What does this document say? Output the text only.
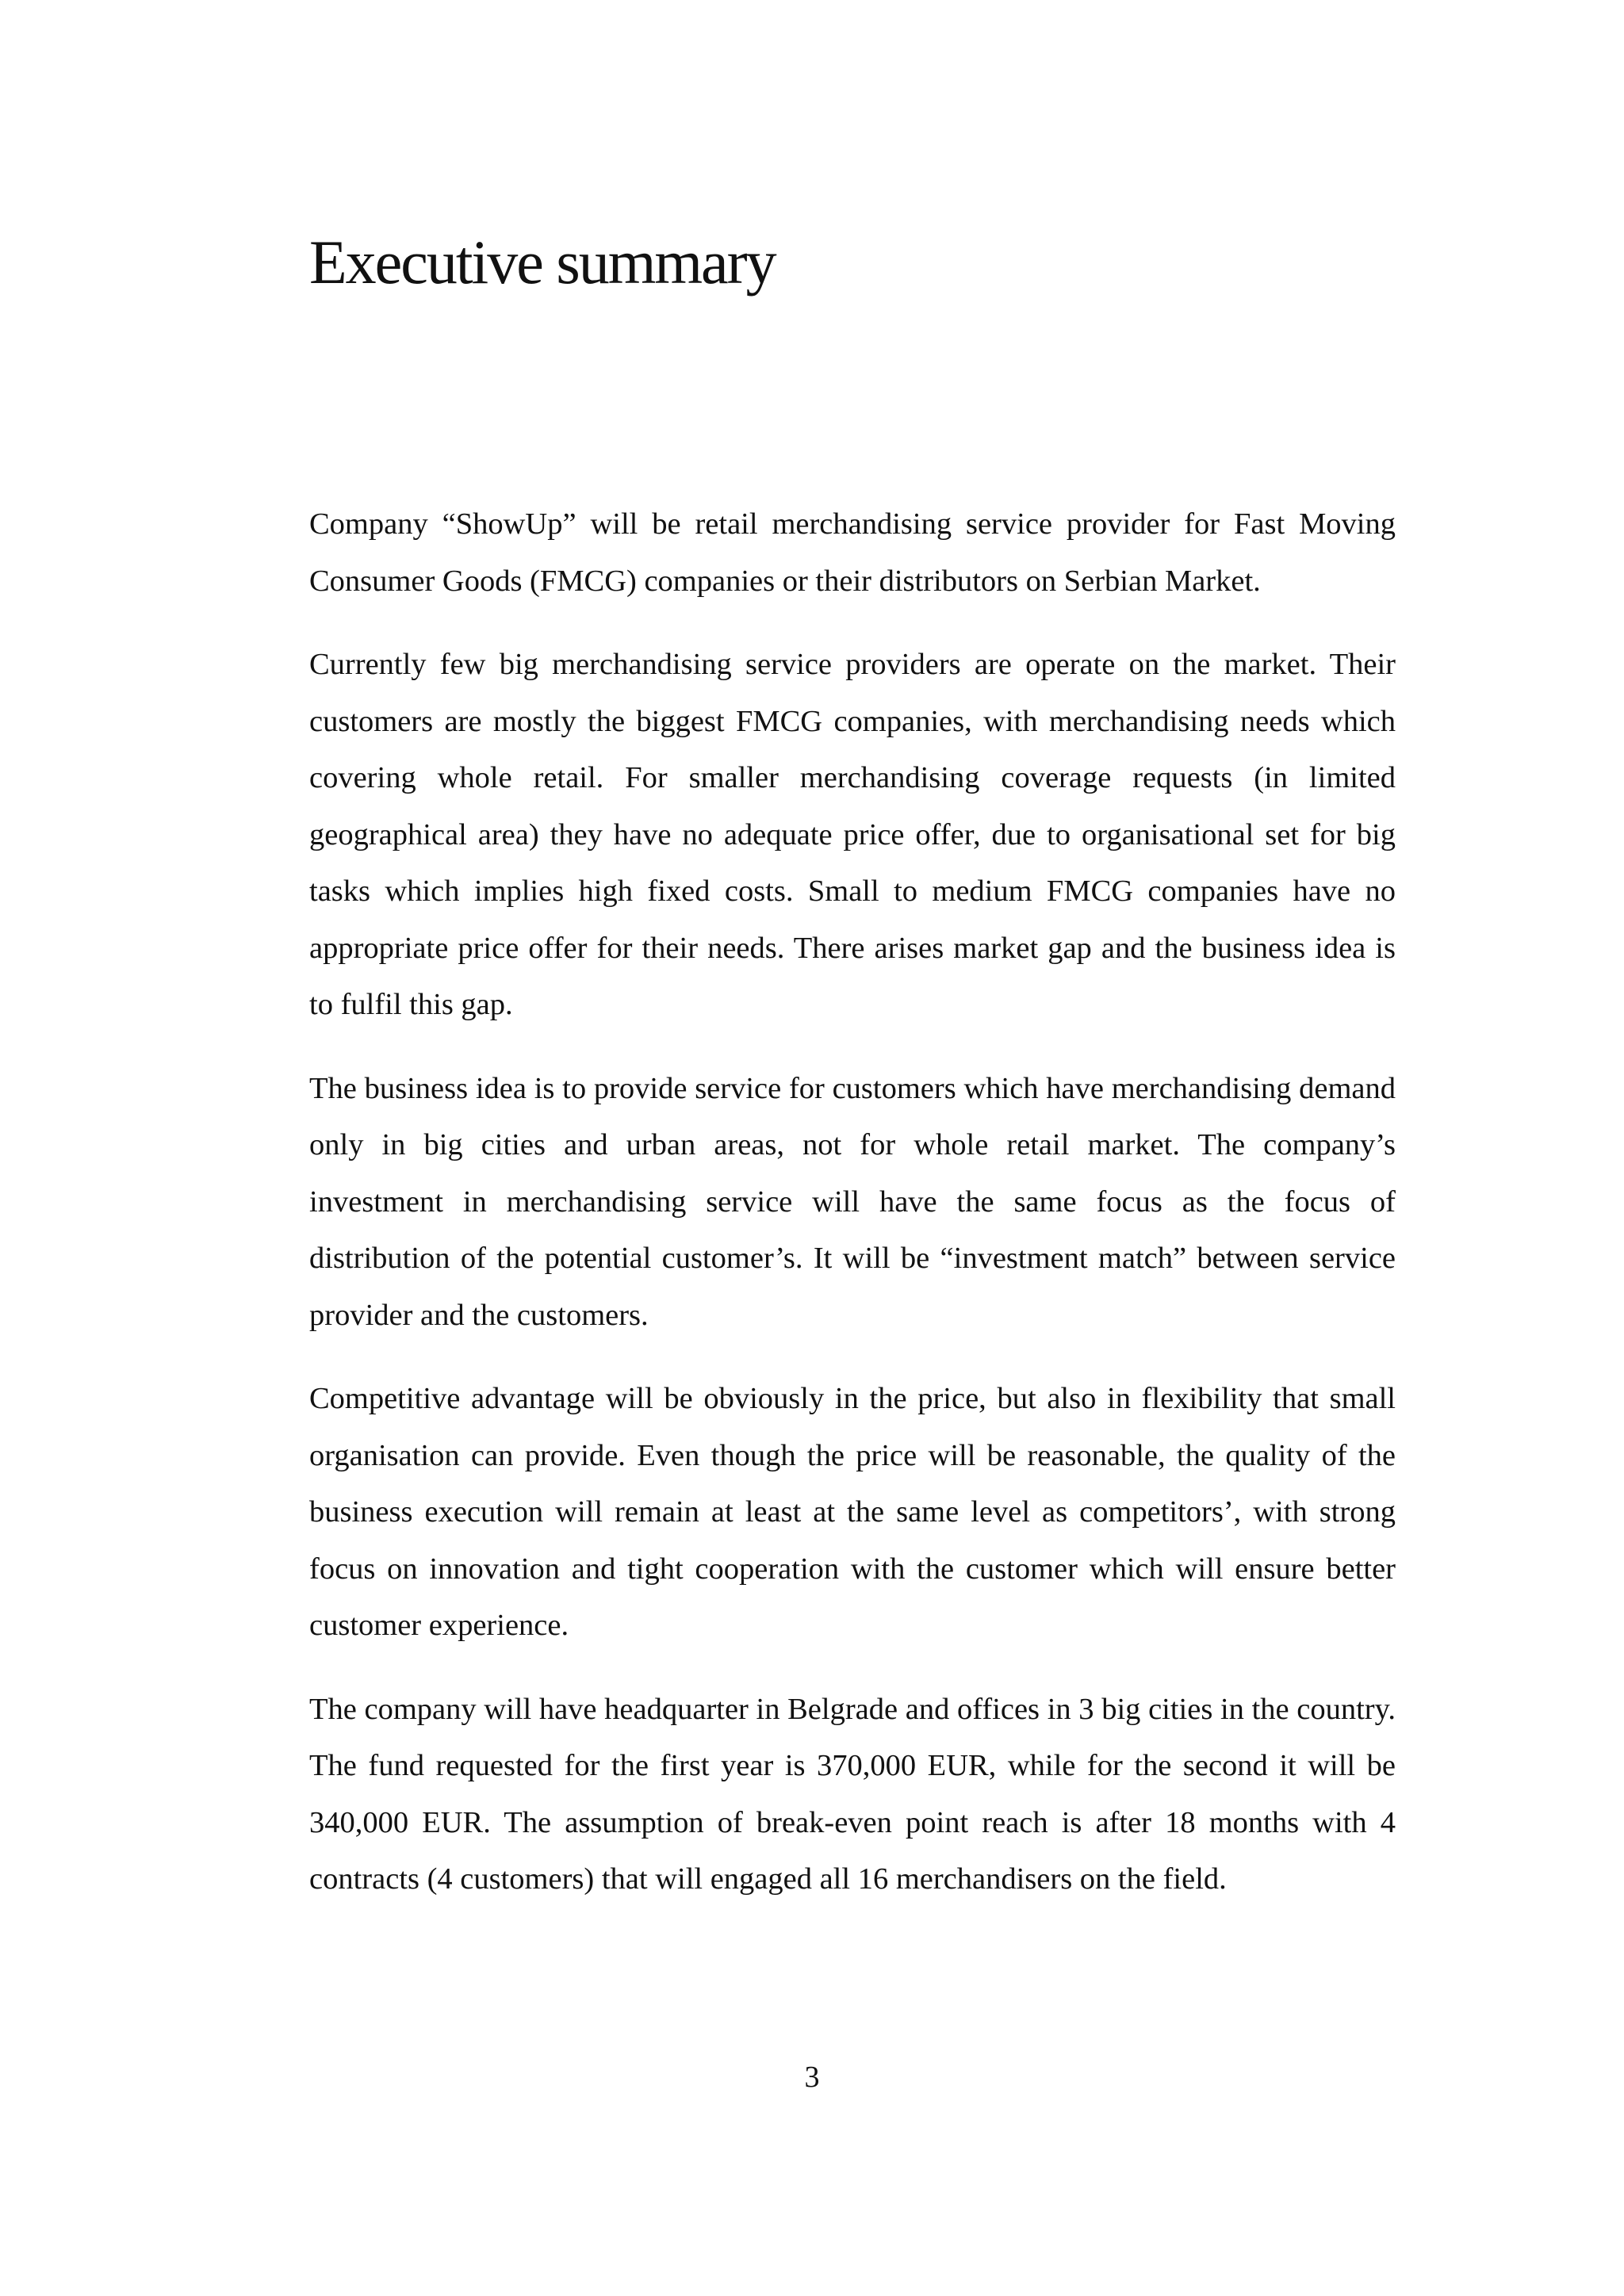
Executive summary

Company “ShowUp” will be retail merchandising service provider for Fast Moving Consumer Goods (FMCG) companies or their distributors on Serbian Market.

Currently few big merchandising service providers are operate on the market. Their customers are mostly the biggest FMCG companies, with merchandising needs which covering whole retail. For smaller merchandising coverage requests (in limited geographical area) they have no adequate price offer, due to organisational set for big tasks which implies high fixed costs. Small to medium FMCG companies have no appropriate price offer for their needs. There arises market gap and the business idea is to fulfil this gap.

The business idea is to provide service for customers which have merchandising demand only in big cities and urban areas, not for whole retail market. The company’s investment in merchandising service will have the same focus as the focus of distribution of the potential customer’s. It will be “investment match” between service provider and the customers.

Competitive advantage will be obviously in the price, but also in flexibility that small organisation can provide. Even though the price will be reasonable, the quality of the business execution will remain at least at the same level as competitors’, with strong focus on innovation and tight cooperation with the customer which will ensure better customer experience.

The company will have headquarter in Belgrade and offices in 3 big cities in the country. The fund requested for the first year is 370,000 EUR, while for the second it will be 340,000 EUR. The assumption of break-even point reach is after 18 months with 4 contracts (4 customers) that will engaged all 16 merchandisers on the field.

3
